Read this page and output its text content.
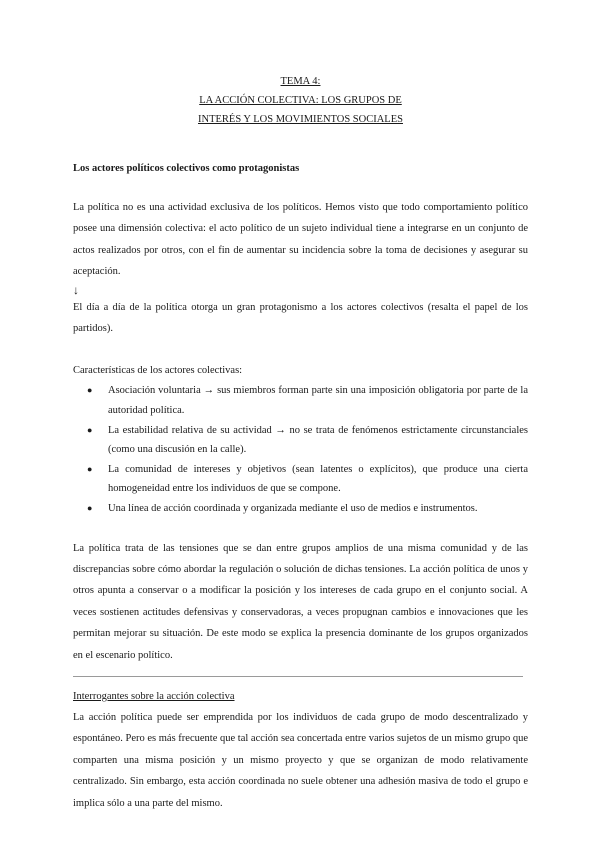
TEMA 4:
LA ACCIÓN COLECTIVA: LOS GRUPOS DE
INTERÉS Y LOS MOVIMIENTOS SOCIALES
Los actores políticos colectivos como protagonistas

La política no es una actividad exclusiva de los políticos. Hemos visto que todo comportamiento político posee una dimensión colectiva: el acto político de un sujeto individual tiene a integrarse en un conjunto de actos realizados por otros, con el fin de aumentar su incidencia sobre la toma de decisiones y asegurar su aceptación.

↓

El día a día de la política otorga un gran protagonismo a los actores colectivos (resalta el papel de los partidos).

Características de los actores colectivas:
● Asociación voluntaria → sus miembros forman parte sin una imposición obligatoria por parte de la autoridad política.
● La estabilidad relativa de su actividad → no se trata de fenómenos estrictamente circunstanciales (como una discusión en la calle).
● La comunidad de intereses y objetivos (sean latentes o explícitos), que produce una cierta homogeneidad entre los individuos de que se compone.
● Una línea de acción coordinada y organizada mediante el uso de medios e instrumentos.

La política trata de las tensiones que se dan entre grupos amplios de una misma comunidad y de las discrepancias sobre cómo abordar la regulación o solución de dichas tensiones. La acción política de unos y otros apunta a conservar o a modificar la posición y los intereses de cada grupo en el conjunto social. A veces sostienen actitudes defensivas y conservadoras, a veces propugnan cambios e innovaciones que les permitan mejorar su situación. De este modo se explica la presencia dominante de los grupos organizados en el escenario político.

Interrogantes sobre la acción colectiva

La acción política puede ser emprendida por los individuos de cada grupo de modo descentralizado y espontáneo. Pero es más frecuente que tal acción sea concertada entre varios sujetos de un mismo grupo que comparten una misma posición y un mismo proyecto y que se organizan de modo relativamente centralizado. Sin embargo, esta acción coordinada no suele obtener una adhesión masiva de todo el grupo e implica sólo a una parte del mismo.
